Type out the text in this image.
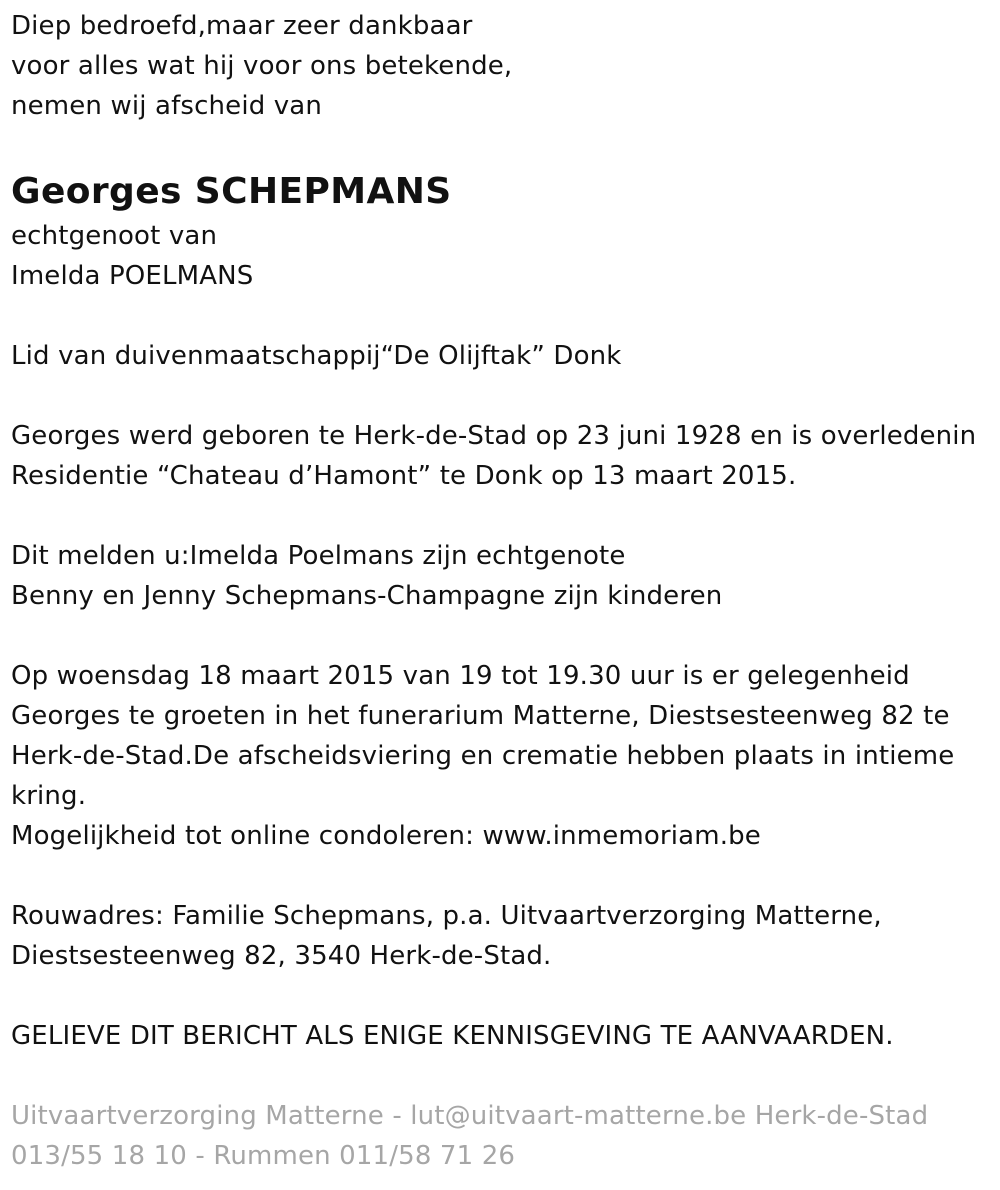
Diep bedroefd,maar zeer dankbaar
voor alles wat hij voor ons betekende,
nemen wij afscheid van
Georges SCHEPMANS
echtgenoot van
Imelda POELMANS
Lid van duivenmaatschappij“De Olijftak” Donk
Georges werd geboren te Herk-de-Stad op 23 juni 1928 en is overledenin
Residentie “Chateau d’Hamont” te Donk op 13 maart 2015.
Dit melden u:Imelda Poelmans zijn echtgenote
Benny en Jenny Schepmans-Champagne zijn kinderen
Op woensdag 18 maart 2015 van 19 tot 19.30 uur is er gelegenheid
Georges te groeten in het funerarium Matterne, Diestsesteenweg 82 te
Herk-de-Stad.De afscheidsviering en crematie hebben plaats in intieme
kring.
Mogelijkheid tot online condoleren: www.inmemoriam.be
Rouwadres: Familie Schepmans, p.a. Uitvaartverzorging Matterne,
Diestsesteenweg 82, 3540 Herk-de-Stad.
GELIEVE DIT BERICHT ALS ENIGE KENNISGEVING TE AANVAARDEN.
Uitvaartverzorging Matterne - lut@uitvaart-matterne.be Herk-de-Stad
013/55 18 10 - Rummen 011/58 71 26
